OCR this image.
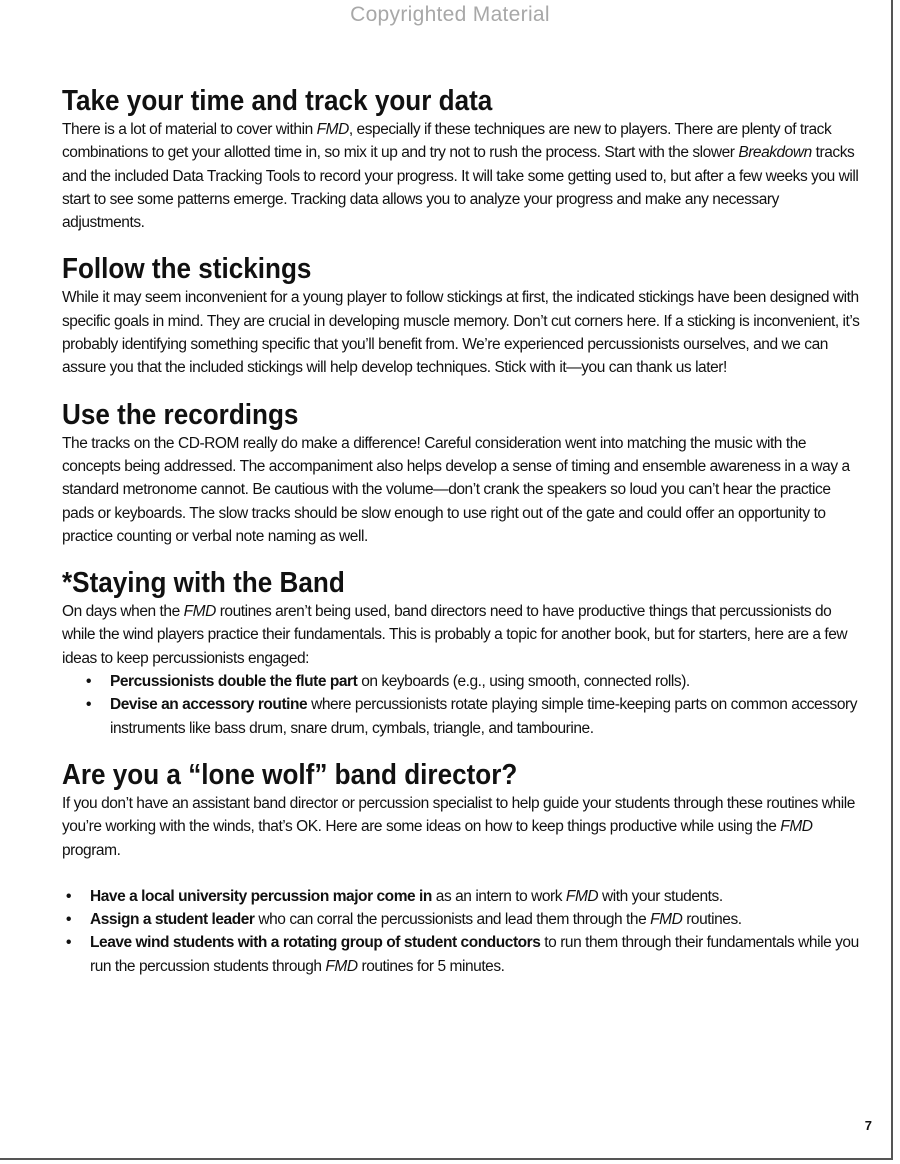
Copyrighted Material
Take your time and track your data

There is a lot of material to cover within FMD, especially if these techniques are new to players. There are plenty of track combinations to get your allotted time in, so mix it up and try not to rush the process. Start with the slower Breakdown tracks and the included Data Tracking Tools to record your progress. It will take some getting used to, but after a few weeks you will start to see some patterns emerge. Tracking data allows you to analyze your progress and make any necessary adjustments.

Follow the stickings

While it may seem inconvenient for a young player to follow stickings at first, the indicated stickings have been designed with specific goals in mind. They are crucial in developing muscle memory. Don’t cut corners here. If a sticking is inconvenient, it’s probably identifying something specific that you’ll benefit from. We’re experienced percussionists ourselves, and we can assure you that the included stickings will help develop techniques. Stick with it—you can thank us later!

Use the recordings

The tracks on the CD-ROM really do make a difference! Careful consideration went into matching the music with the concepts being addressed. The accompaniment also helps develop a sense of timing and ensemble awareness in a way a standard metronome cannot. Be cautious with the volume—don’t crank the speakers so loud you can’t hear the practice pads or keyboards. The slow tracks should be slow enough to use right out of the gate and could offer an opportunity to practice counting or verbal note naming as well.

*Staying with the Band

On days when the FMD routines aren’t being used, band directors need to have productive things that percussionists do while the wind players practice their fundamentals. This is probably a topic for another book, but for starters, here are a few ideas to keep percussionists engaged:

• Percussionists double the flute part on keyboards (e.g., using smooth, connected rolls).
• Devise an accessory routine where percussionists rotate playing simple time-keeping parts on common accessory instruments like bass drum, snare drum, cymbals, triangle, and tambourine.
Are you a “lone wolf” band director?

If you don’t have an assistant band director or percussion specialist to help guide your students through these routines while you’re working with the winds, that’s OK. Here are some ideas on how to keep things productive while using the FMD program.

• Have a local university percussion major come in as an intern to work FMD with your students.
• Assign a student leader who can corral the percussionists and lead them through the FMD routines.
• Leave wind students with a rotating group of student conductors to run them through their fundamentals while you run the percussion students through FMD routines for 5 minutes.
7
